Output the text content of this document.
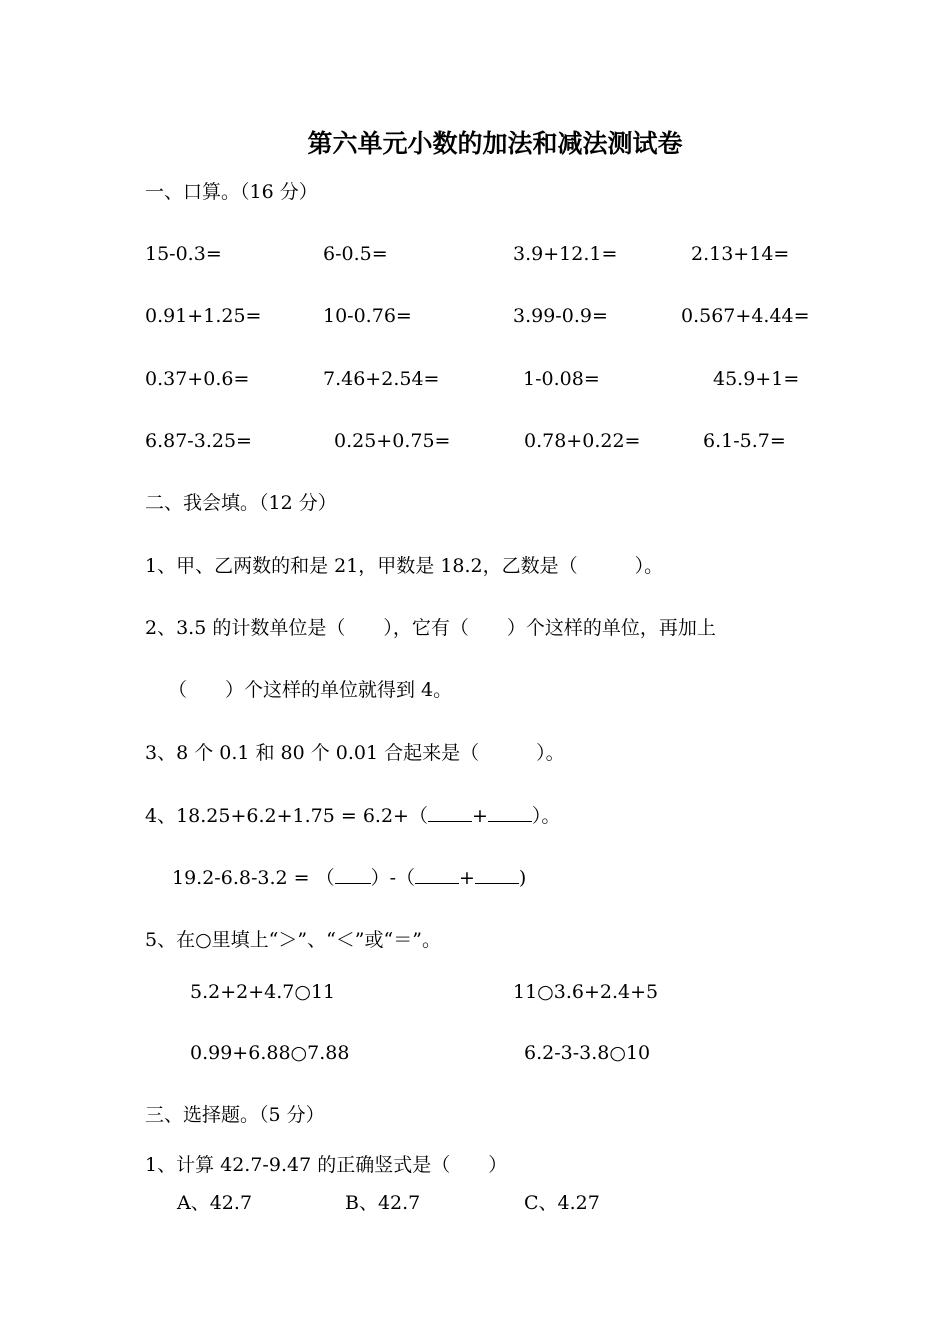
第六单元小数的加法和减法测试卷
一、口算。（16 分）
15-0.3=	6-0.5=	3.9+12.1=	2.13+14=
0.91+1.25=	10-0.76=	3.99-0.9=	0.567+4.44=
0.37+0.6=	7.46+2.54=	1-0.08=	45.9+1=
6.87-3.25=	0.25+0.75=	0.78+0.22=	6.1-5.7=
二、我会填。（12 分）
1、甲、乙两数的和是 21，甲数是 18.2，乙数是（　　　）。
2、3.5 的计数单位是（　　），它有（　　）个这样的单位，再加上
（　　）个这样的单位就得到 4。
3、8 个 0.1 和 80 个 0.01 合起来是（　　　）。
4、18.25+6.2+1.75 = 6.2+（ + ）。
19.2-6.8-3.2 = （ ）-（ + )
5、在○里填上“＞”、“＜”或“＝”。
5.2+2+4.7○11	11○3.6+2.4+5
0.99+6.88○7.88	6.2-3-3.8○10
三、选择题。（5 分）
1、计算 42.7-9.47 的正确竖式是（　　）
A、42.7	B、42.7	C、4.27
